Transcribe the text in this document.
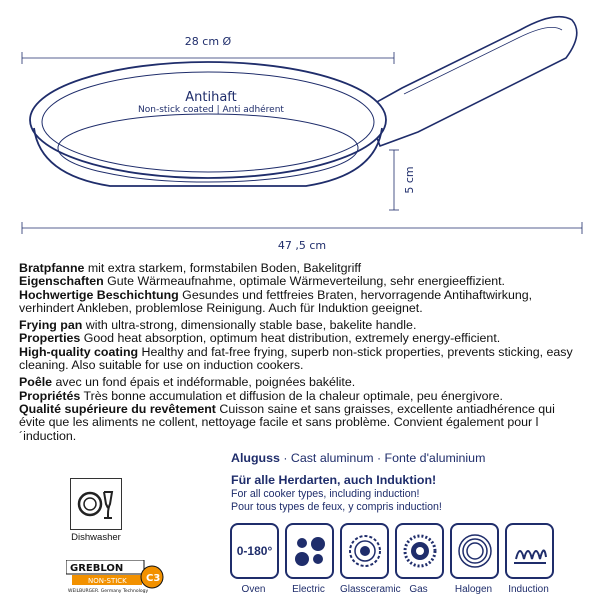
28 cm Ø
Antihaft
Non-stick coated | Anti adhérent
5 cm
47 ,5 cm

Bratpfanne mit extra starkem, formstabilen Boden, Bakelitgriff
Eigenschaften Gute Wärmeaufnahme, optimale Wärmeverteilung, sehr energieeffizient.
Hochwertige Beschichtung Gesundes und fettfreies Braten, hervorragende Antihaftwirkung, verhindert Ankleben, problemlose Reinigung. Auch für Induktion geeignet.

Frying pan with ultra-strong, dimensionally stable base, bakelite handle.
Properties Good heat absorption, optimum heat distribution, extremely energy-efficient.
High-quality coating Healthy and fat-free frying, superb non-stick properties, prevents sticking, easy cleaning. Also suitable for use on induction cookers.

Poêle avec un fond épais et indéformable, poignées bakélite.
Propriétés Très bonne accumulation et diffusion de la chaleur optimale, peu énergivore.
Qualité supérieure du revêtement Cuisson saine et sans graisses, excellente antiadhérence qui évite que les aliments ne collent, nettoyage facile et sans problème. Convient également pour l´induction.

Dishwasher
GREBLON
NON-STICK C3
WEILBURGER. Germany Technology
Aluguss · Cast aluminum · Fonte d'aluminium
Für alle Herdarten, auch Induktion!
For all cooker types, including induction!
Pour tous types de feux, y compris induction!
0-180°
Oven	Electric	Glassceramic Gas	Halogen	Induction
